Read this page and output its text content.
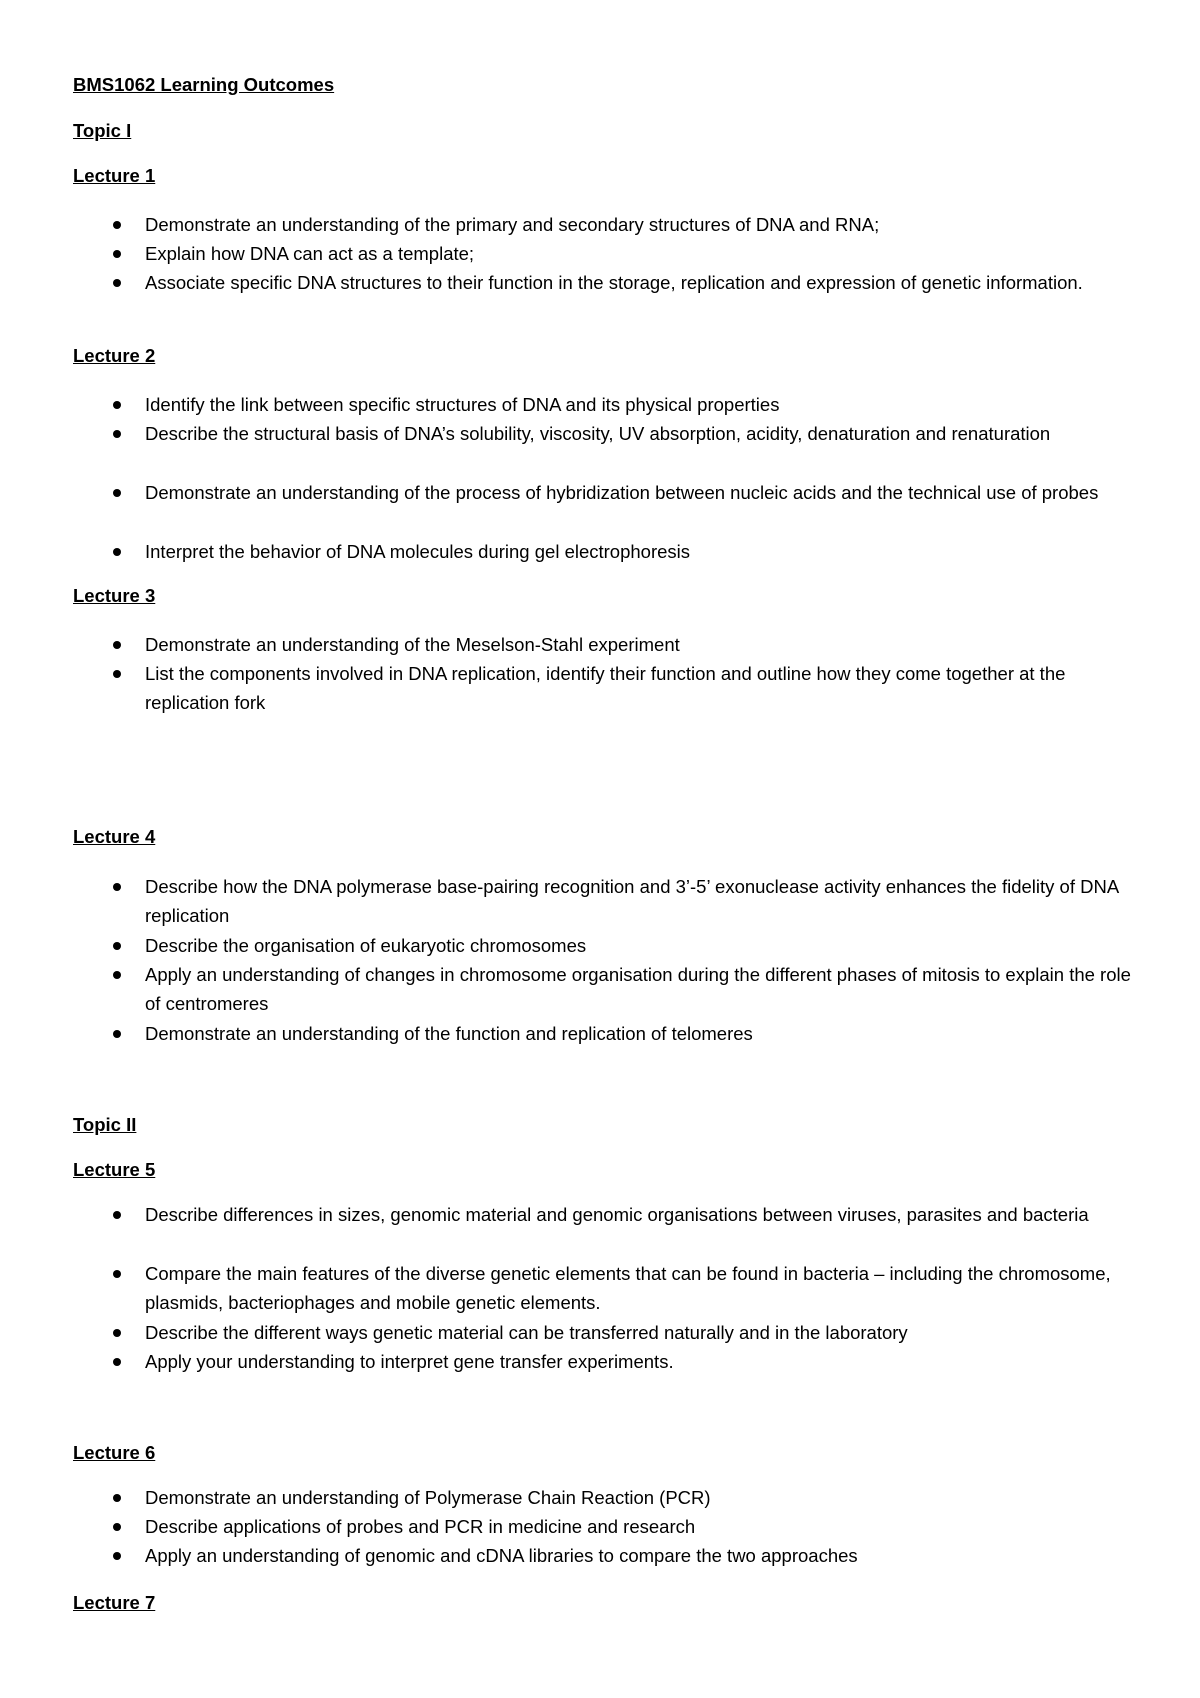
BMS1062 Learning Outcomes
Topic I
Lecture 1
Demonstrate an understanding of the primary and secondary structures of DNA and RNA;
Explain how DNA can act as a template;
Associate specific DNA structures to their function in the storage, replication and expression of genetic information.
Lecture 2
Identify the link between specific structures of DNA and its physical properties
Describe the structural basis of DNA’s solubility, viscosity, UV absorption, acidity, denaturation and renaturation
Demonstrate an understanding of the process of hybridization between nucleic acids and the technical use of probes
Interpret the behavior of DNA molecules during gel electrophoresis
Lecture 3
Demonstrate an understanding of the Meselson-Stahl experiment
List the components involved in DNA replication, identify their function and outline how they come together at the replication fork
Lecture 4
Describe how the DNA polymerase base-pairing recognition and 3’-5’ exonuclease activity enhances the fidelity of DNA replication
Describe the organisation of eukaryotic chromosomes
Apply an understanding of changes in chromosome organisation during the different phases of mitosis to explain the role of centromeres
Demonstrate an understanding of the function and replication of telomeres
Topic II
Lecture 5
Describe differences in sizes, genomic material and genomic organisations between viruses, parasites and bacteria
Compare the main features of the diverse genetic elements that can be found in bacteria – including the chromosome, plasmids, bacteriophages and mobile genetic elements.
Describe the different ways genetic material can be transferred naturally and in the laboratory
Apply your understanding to interpret gene transfer experiments.
Lecture 6
Demonstrate an understanding of Polymerase Chain Reaction (PCR)
Describe applications of probes and PCR in medicine and research
Apply an understanding of genomic and cDNA libraries to compare the two approaches
Lecture 7
